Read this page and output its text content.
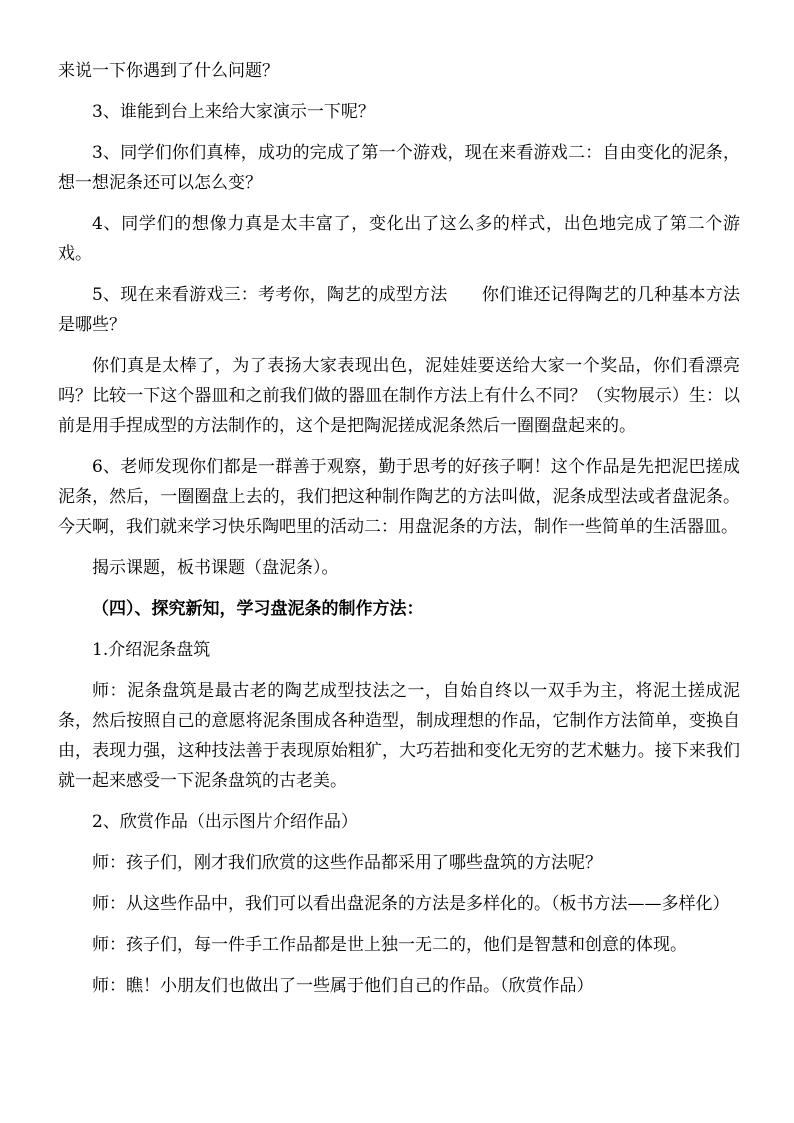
来说一下你遇到了什么问题？

3、谁能到台上来给大家演示一下呢？

3、同学们你们真棒，成功的完成了第一个游戏，现在来看游戏二：自由变化的泥条，想一想泥条还可以怎么变？

4、同学们的想像力真是太丰富了，变化出了这么多的样式，出色地完成了第二个游戏。

5、现在来看游戏三：考考你，陶艺的成型方法　　你们谁还记得陶艺的几种基本方法是哪些？

你们真是太棒了，为了表扬大家表现出色，泥娃娃要送给大家一个奖品，你们看漂亮吗？比较一下这个器皿和之前我们做的器皿在制作方法上有什么不同？（实物展示）生：以前是用手捏成型的方法制作的，这个是把陶泥搓成泥条然后一圈圈盘起来的。

6、老师发现你们都是一群善于观察，勤于思考的好孩子啊！这个作品是先把泥巴搓成泥条，然后，一圈圈盘上去的，我们把这种制作陶艺的方法叫做，泥条成型法或者盘泥条。今天啊，我们就来学习快乐陶吧里的活动二：用盘泥条的方法，制作一些简单的生活器皿。

揭示课题，板书课题（盘泥条）。

（四）、探究新知，学习盘泥条的制作方法：

1.介绍泥条盘筑

师：泥条盘筑是最古老的陶艺成型技法之一，自始自终以一双手为主，将泥土搓成泥条，然后按照自己的意愿将泥条围成各种造型，制成理想的作品，它制作方法简单，变换自由，表现力强，这种技法善于表现原始粗犷，大巧若拙和变化无穷的艺术魅力。接下来我们就一起来感受一下泥条盘筑的古老美。

2、欣赏作品（出示图片介绍作品）

师：孩子们，刚才我们欣赏的这些作品都采用了哪些盘筑的方法呢？

师：从这些作品中，我们可以看出盘泥条的方法是多样化的。（板书方法——多样化）

师：孩子们，每一件手工作品都是世上独一无二的，他们是智慧和创意的体现。

师：瞧！小朋友们也做出了一些属于他们自己的作品。（欣赏作品）
